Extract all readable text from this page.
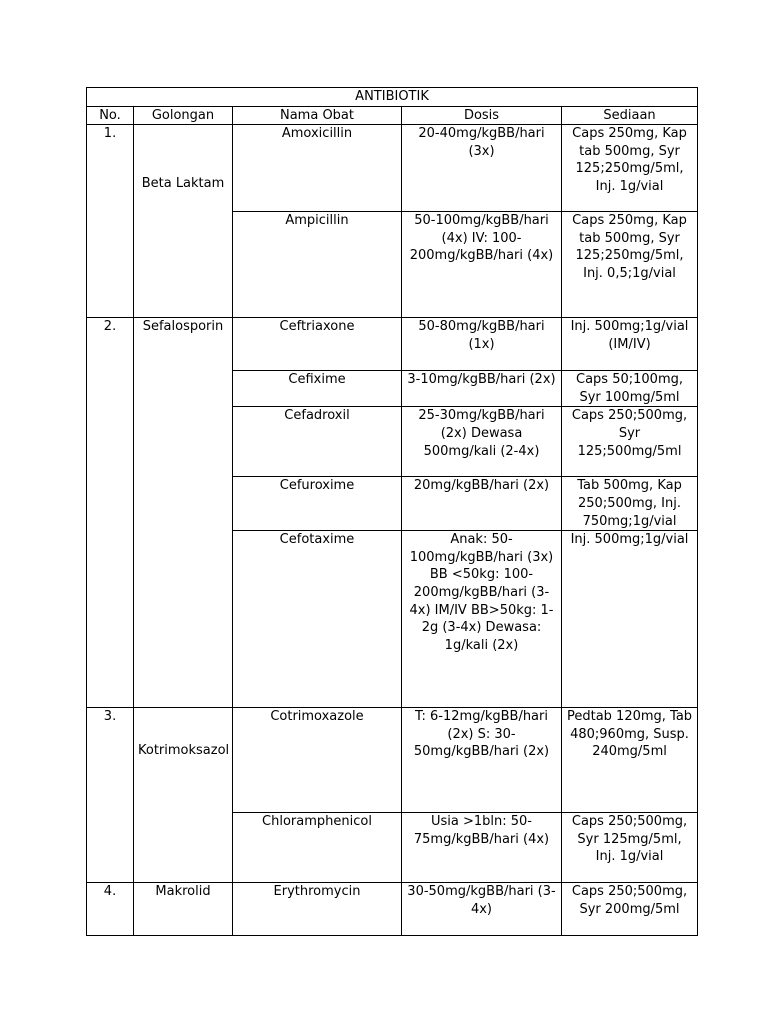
ANTIBIOTIK				
No.	Golongan	Nama Obat	Dosis	Sediaan
1.	Beta Laktam	Amoxicillin	20-40mg/kgBB/hari (3x)	Caps 250mg, Kap tab 500mg, Syr 125;250mg/5ml, Inj. 1g/vial
		Ampicillin	50-100mg/kgBB/hari (4x) IV: 100-200mg/kgBB/hari (4x)	Caps 250mg, Kap tab 500mg, Syr 125;250mg/5ml, Inj. 0,5;1g/vial
2.	Sefalosporin	Ceftriaxone	50-80mg/kgBB/hari (1x)	Inj. 500mg;1g/vial (IM/IV)
		Cefixime	3-10mg/kgBB/hari (2x)	Caps 50;100mg, Syr 100mg/5ml
		Cefadroxil	25-30mg/kgBB/hari (2x) Dewasa 500mg/kali (2-4x)	Caps 250;500mg, Syr 125;500mg/5ml
		Cefuroxime	20mg/kgBB/hari (2x)	Tab 500mg, Kap 250;500mg, Inj. 750mg;1g/vial
		Cefotaxime	Anak: 50-100mg/kgBB/hari (3x) BB <50kg: 100-200mg/kgBB/hari (3-4x) IM/IV BB>50kg: 1-2g (3-4x) Dewasa: 1g/kali (2x)	Inj. 500mg;1g/vial
3.	Kotrimoksazol	Cotrimoxazole	T: 6-12mg/kgBB/hari (2x) S: 30-50mg/kgBB/hari (2x)	Pedtab 120mg, Tab 480;960mg, Susp. 240mg/5ml
		Chloramphenicol	Usia >1bln: 50-75mg/kgBB/hari (4x)	Caps 250;500mg, Syr 125mg/5ml, Inj. 1g/vial
4.	Makrolid	Erythromycin	30-50mg/kgBB/hari (3-4x)	Caps 250;500mg, Syr 200mg/5ml
